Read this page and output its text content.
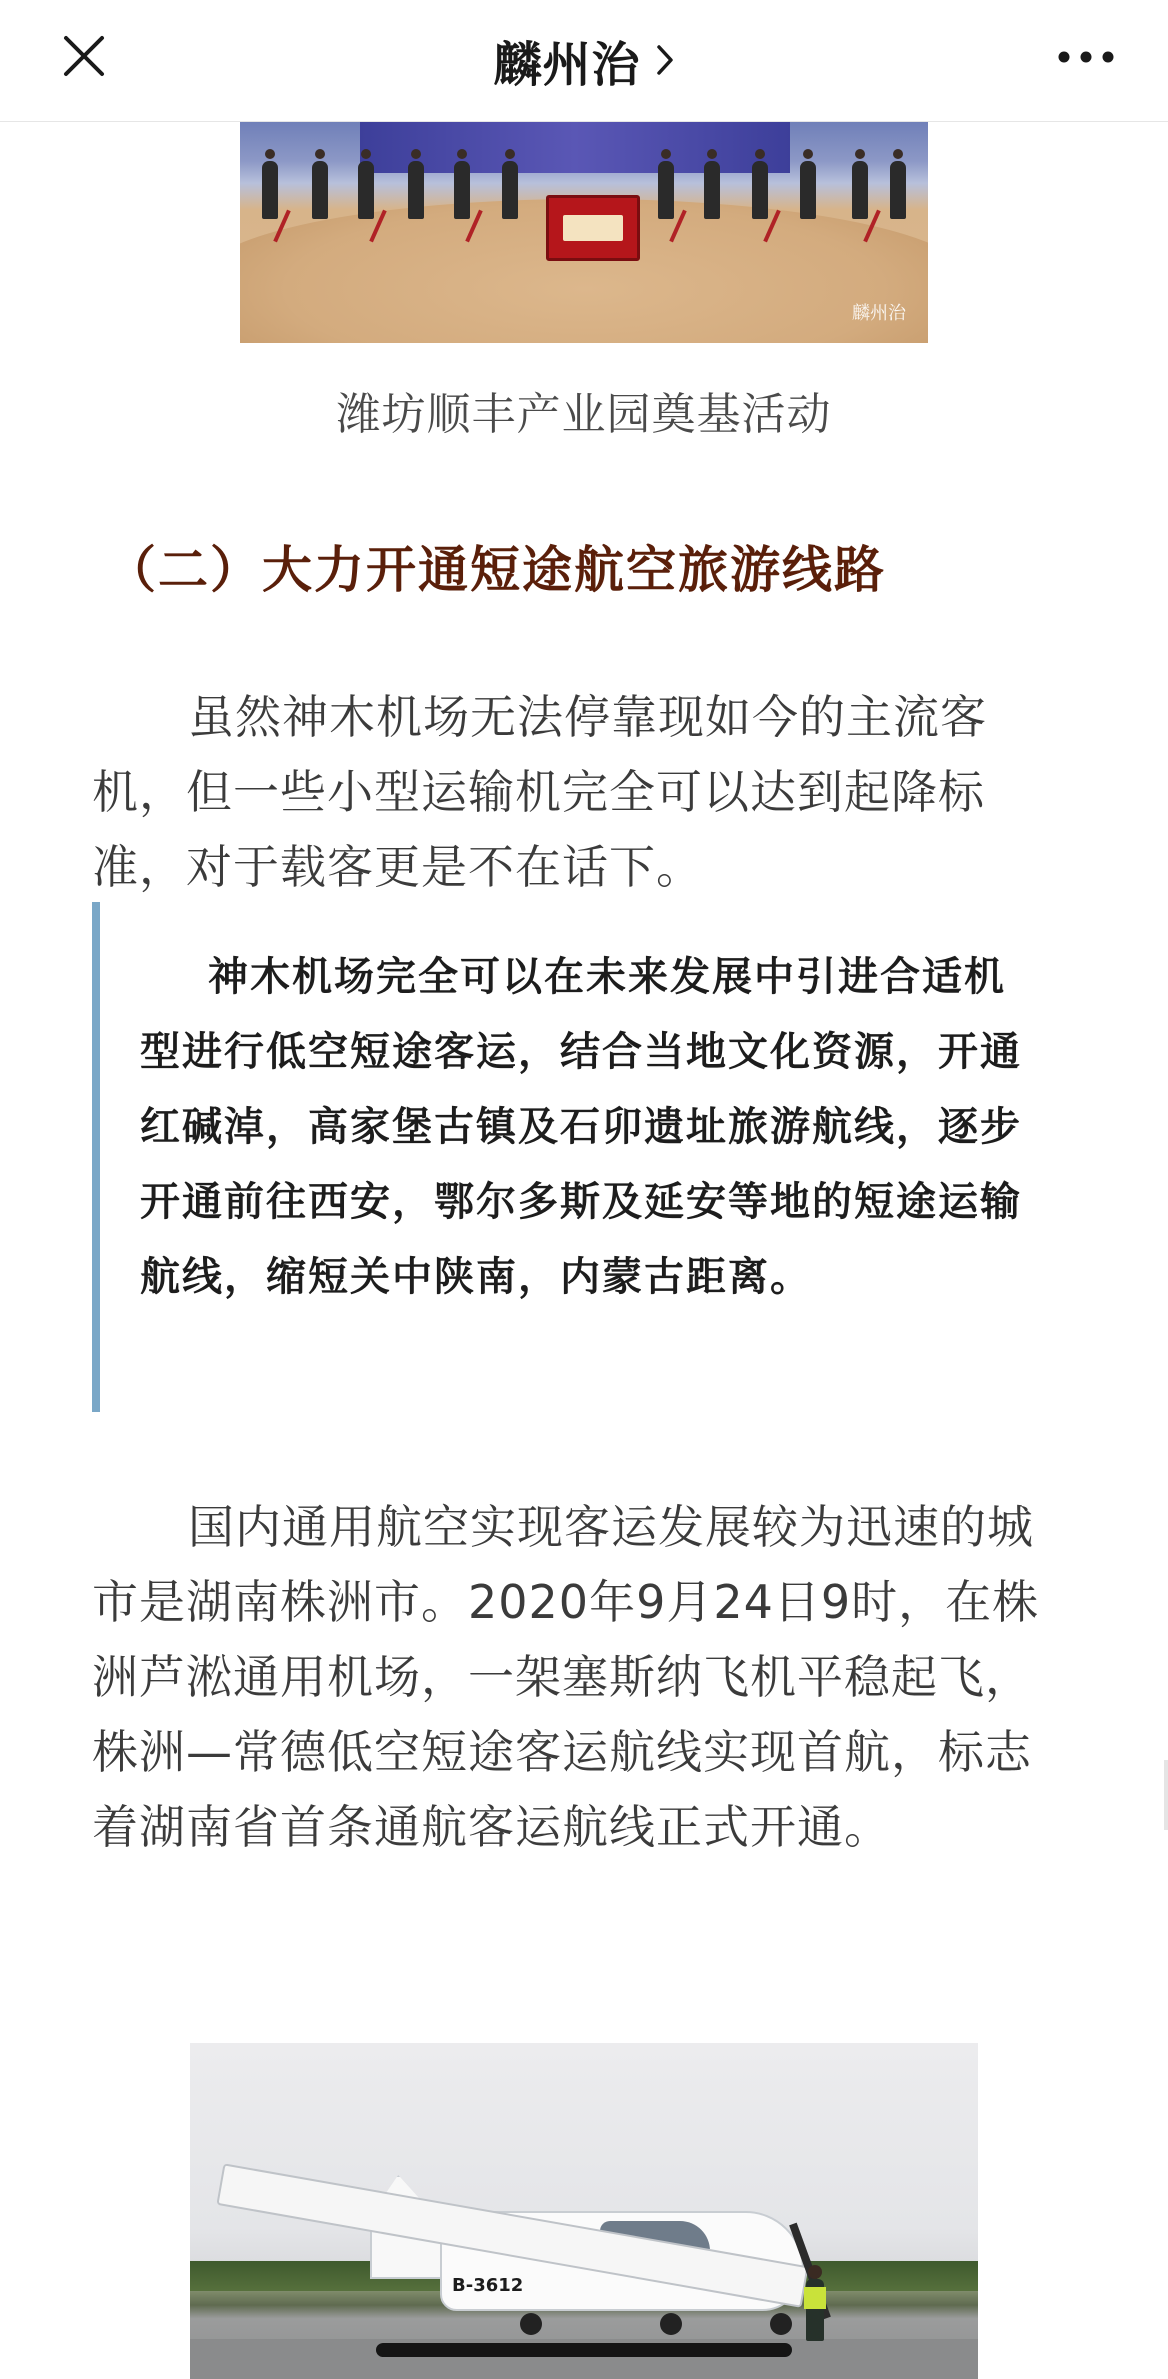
麟州治
麟州治
潍坊顺丰产业园奠基活动
（二）大力开通短途航空旅游线路
虽然神木机场无法停靠现如今的主流客机，但一些小型运输机完全可以达到起降标准，对于载客更是不在话下。
神木机场完全可以在未来发展中引进合适机型进行低空短途客运，结合当地文化资源，开通红碱淖，高家堡古镇及石卯遗址旅游航线，逐步开通前往西安，鄂尔多斯及延安等地的短途运输航线，缩短关中陕南，内蒙古距离。
国内通用航空实现客运发展较为迅速的城市是湖南株洲市。2020年9月24日9时，在株洲芦淞通用机场，一架塞斯纳飞机平稳起飞，株洲—常德低空短途客运航线实现首航，标志着湖南省首条通航客运航线正式开通。
B-3612
